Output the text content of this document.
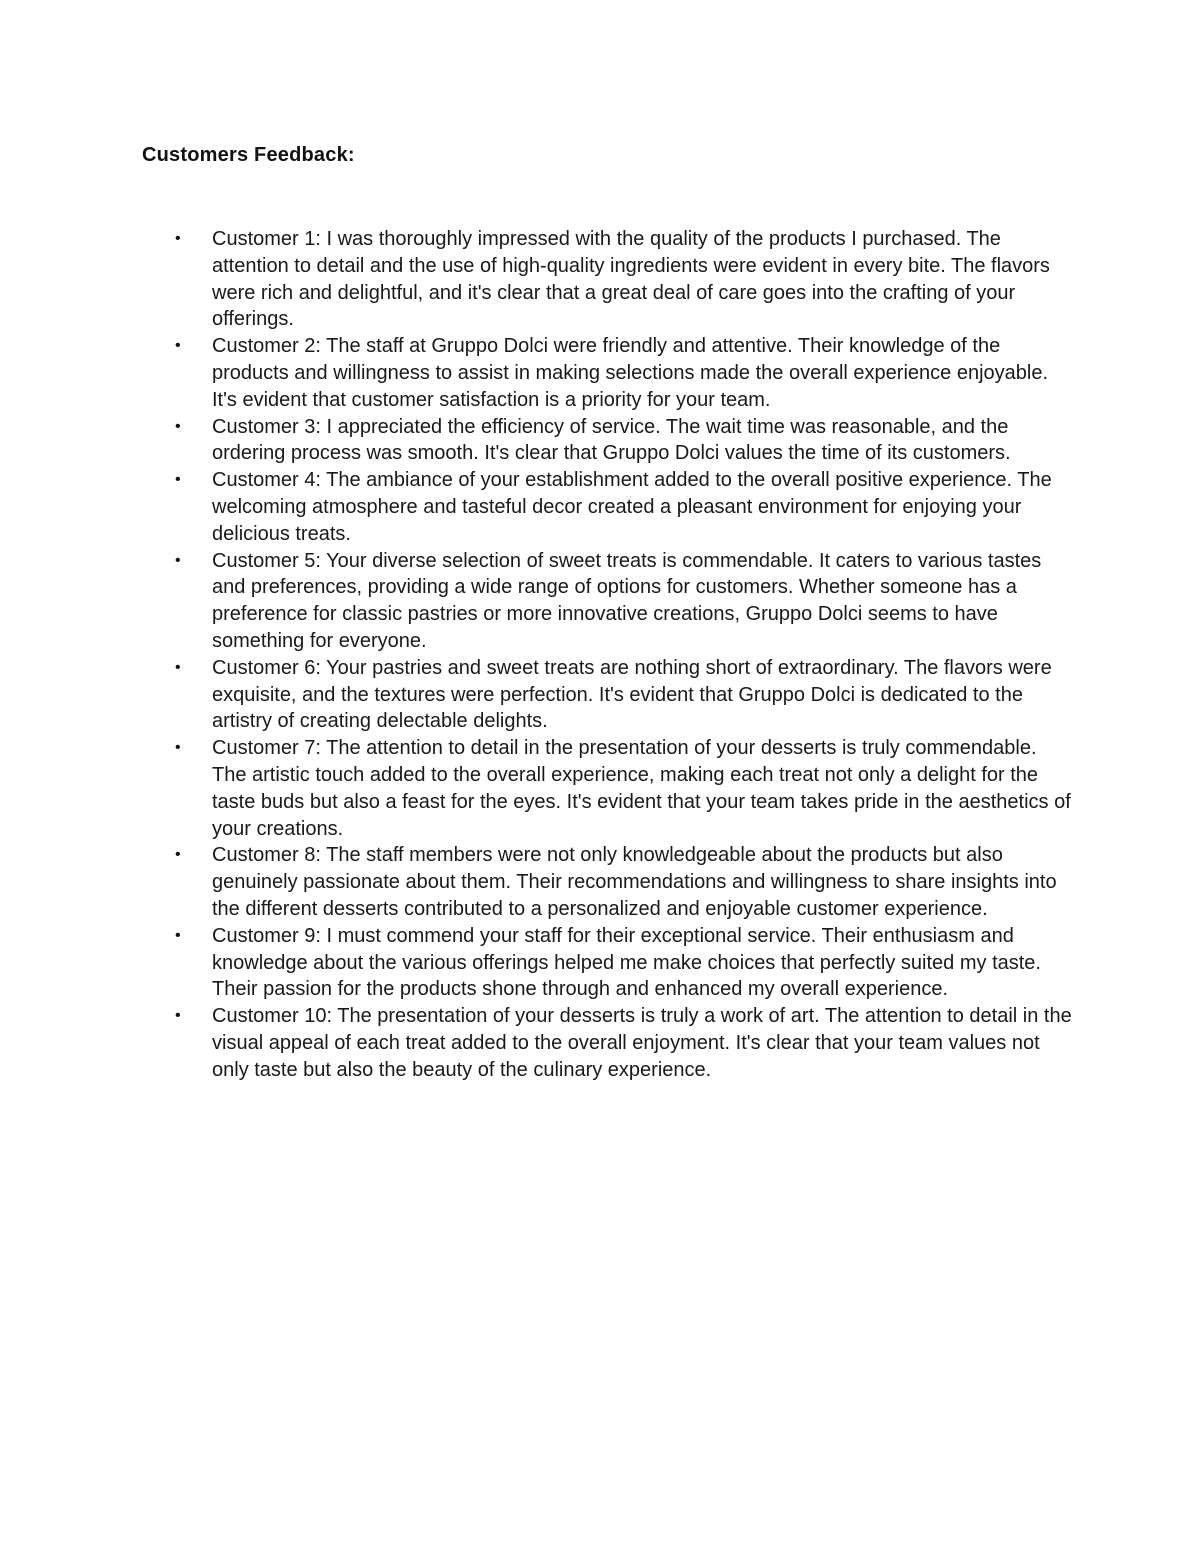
Customers Feedback:
• Customer 1: I was thoroughly impressed with the quality of the products I purchased. The attention to detail and the use of high-quality ingredients were evident in every bite. The flavors were rich and delightful, and it's clear that a great deal of care goes into the crafting of your offerings.
• Customer 2: The staff at Gruppo Dolci were friendly and attentive. Their knowledge of the products and willingness to assist in making selections made the overall experience enjoyable. It's evident that customer satisfaction is a priority for your team.
• Customer 3: I appreciated the efficiency of service. The wait time was reasonable, and the ordering process was smooth. It's clear that Gruppo Dolci values the time of its customers.
• Customer 4: The ambiance of your establishment added to the overall positive experience. The welcoming atmosphere and tasteful decor created a pleasant environment for enjoying your delicious treats.
• Customer 5: Your diverse selection of sweet treats is commendable. It caters to various tastes and preferences, providing a wide range of options for customers. Whether someone has a preference for classic pastries or more innovative creations, Gruppo Dolci seems to have something for everyone.
• Customer 6: Your pastries and sweet treats are nothing short of extraordinary. The flavors were exquisite, and the textures were perfection. It's evident that Gruppo Dolci is dedicated to the artistry of creating delectable delights.
• Customer 7: The attention to detail in the presentation of your desserts is truly commendable. The artistic touch added to the overall experience, making each treat not only a delight for the taste buds but also a feast for the eyes. It's evident that your team takes pride in the aesthetics of your creations.
• Customer 8: The staff members were not only knowledgeable about the products but also genuinely passionate about them. Their recommendations and willingness to share insights into the different desserts contributed to a personalized and enjoyable customer experience.
• Customer 9: I must commend your staff for their exceptional service. Their enthusiasm and knowledge about the various offerings helped me make choices that perfectly suited my taste. Their passion for the products shone through and enhanced my overall experience.
• Customer 10: The presentation of your desserts is truly a work of art. The attention to detail in the visual appeal of each treat added to the overall enjoyment. It's clear that your team values not only taste but also the beauty of the culinary experience.
